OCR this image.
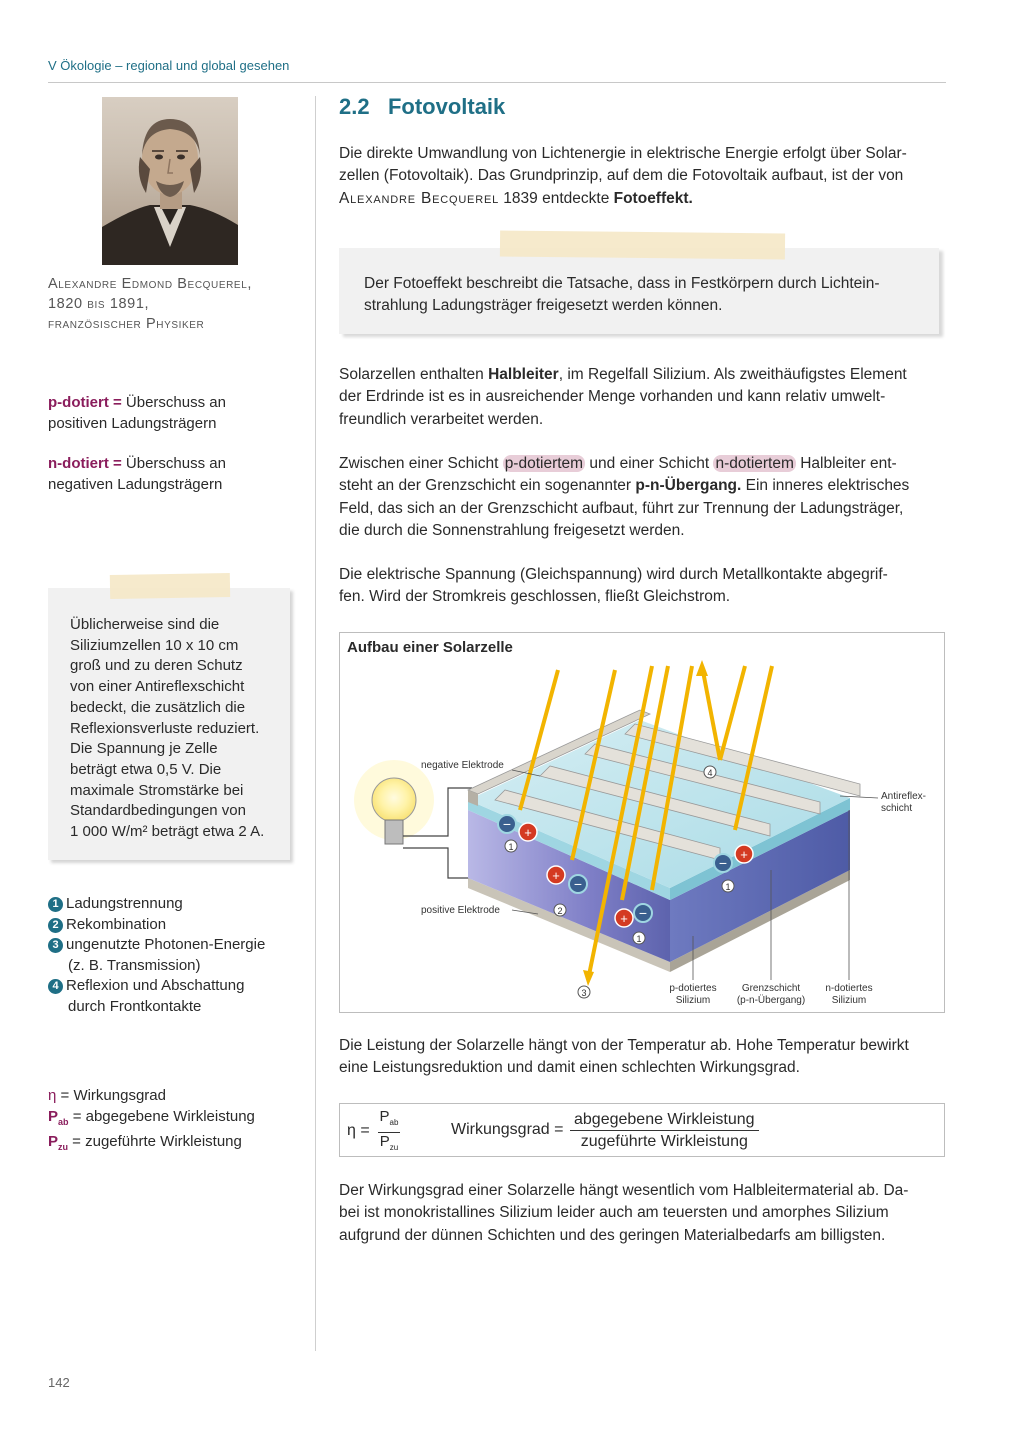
V Ökologie – regional und global gesehen
Alexandre Edmond Becquerel,
1820 bis 1891,
französischer Physiker
p-dotiert = Überschuss an
positiven Ladungsträgern
n-dotiert = Überschuss an
negativen Ladungsträgern
Üblicherweise sind die
Siliziumzellen 10 x 10 cm
groß und zu deren Schutz
von einer Antireflexschicht
bedeckt, die zusätzlich die
Reflexionsverluste reduziert.
Die Spannung je Zelle
beträgt etwa 0,5 V. Die
maximale Stromstärke bei
Standardbedingungen von
1 000 W/m² beträgt etwa 2 A.
1 Ladungstrennung
2 Rekombination
3 ungenutzte Photonen-Energie
(z. B. Transmission)
4 Reflexion und Abschattung
durch Frontkontakte
η = Wirkungsgrad
$P_{ab}$ = abgegebene Wirkleistung
$P_{zu}$ = zugeführte Wirkleistung
142
2.2 Fotovoltaik
Die direkte Umwandlung von Lichtenergie in elektrische Energie erfolgt über Solar-
zellen (Fotovoltaik). Das Grundprinzip, auf dem die Fotovoltaik aufbaut, ist der von
Alexandre Becquerel 1839 entdeckte Fotoeffekt.
Der Fotoeffekt beschreibt die Tatsache, dass in Festkörpern durch Lichtein-
strahlung Ladungsträger freigesetzt werden können.
Solarzellen enthalten Halbleiter, im Regelfall Silizium. Als zweithäufigstes Element
der Erdrinde ist es in ausreichender Menge vorhanden und kann relativ umwelt-
freundlich verarbeitet werden.
Zwischen einer Schicht p-dotiertem und einer Schicht n-dotiertem Halbleiter ent-
steht an der Grenzschicht ein sogenannter p-n-Übergang. Ein inneres elektrisches
Feld, das sich an der Grenzschicht aufbaut, führt zur Trennung der Ladungsträger,
die durch die Sonnenstrahlung freigesetzt werden.
Die elektrische Spannung (Gleichspannung) wird durch Metallkontakte abgegrif-
fen. Wird der Stromkreis geschlossen, fließt Gleichstrom.
Aufbau einer Solarzelle
−
+
+
−
+ −
−
+
1
2
1
1
3
4
negative Elektrode
positive Elektrode
Antireflex-
schicht
p-dotiertes
Silizium
Grenzschicht
(p-n-Übergang)
n-dotiertes
Silizium
Die Leistung der Solarzelle hängt von der Temperatur ab. Hohe Temperatur bewirkt
eine Leistungsreduktion und damit einen schlechten Wirkungsgrad.
η =
$P_{ab}$
$P_{zu}$
Wirkungsgrad =
abgegebene Wirkleistung
zugeführte Wirkleistung
Der Wirkungsgrad einer Solarzelle hängt wesentlich vom Halbleitermaterial ab. Da-
bei ist monokristallines Silizium leider auch am teuersten und amorphes Silizium
aufgrund der dünnen Schichten und des geringen Materialbedarfs am billigsten.
